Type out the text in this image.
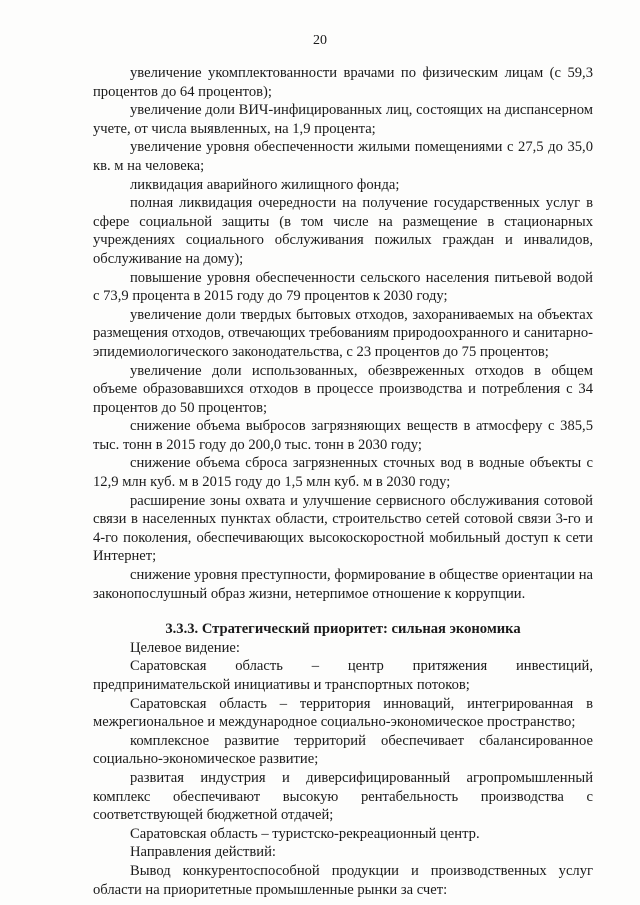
20

увеличение укомплектованности врачами по физическим лицам (с 59,3 процентов до 64 процентов);

увеличение доли ВИЧ-инфицированных лиц, состоящих на диспансерном учете, от числа выявленных, на 1,9 процента;

увеличение уровня обеспеченности жилыми помещениями с 27,5 до 35,0 кв. м на человека;

ликвидация аварийного жилищного фонда;

полная ликвидация очередности на получение государственных услуг в сфере социальной защиты (в том числе на размещение в стационарных учреждениях социального обслуживания пожилых граждан и инвалидов, обслуживание на дому);

повышение уровня обеспеченности сельского населения питьевой водой с 73,9 процента в 2015 году до 79 процентов к 2030 году;

увеличение доли твердых бытовых отходов, захораниваемых на объектах размещения отходов, отвечающих требованиям природоохранного и санитарно-эпидемиологического законодательства, с 23 процентов до 75 процентов;

увеличение доли использованных, обезвреженных отходов в общем объеме образовавшихся отходов в процессе производства и потребления с 34 процентов до 50 процентов;

снижение объема выбросов загрязняющих веществ в атмосферу с 385,5 тыс. тонн в 2015 году до 200,0 тыс. тонн в 2030 году;

снижение объема сброса загрязненных сточных вод в водные объекты с 12,9 млн куб. м в 2015 году до 1,5 млн куб. м в 2030 году;

расширение зоны охвата и улучшение сервисного обслуживания сотовой связи в населенных пунктах области, строительство сетей сотовой связи 3-го и 4-го поколения, обеспечивающих высокоскоростной мобильный доступ к сети Интернет;

снижение уровня преступности, формирование в обществе ориентации на законопослушный образ жизни, нетерпимое отношение к коррупции.

3.3.3. Стратегический приоритет: сильная экономика

Целевое видение:

Саратовская область – центр притяжения инвестиций, предпринимательской инициативы и транспортных потоков;

Саратовская область – территория инноваций, интегрированная в межрегиональное и международное социально-экономическое пространство;

комплексное развитие территорий обеспечивает сбалансированное социально-экономическое развитие;

развитая индустрия и диверсифицированный агропромышленный комплекс обеспечивают высокую рентабельность производства с соответствующей бюджетной отдачей;

Саратовская область – туристско-рекреационный центр.

Направления действий:

Вывод конкурентоспособной продукции и производственных услуг области на приоритетные промышленные рынки за счет:
